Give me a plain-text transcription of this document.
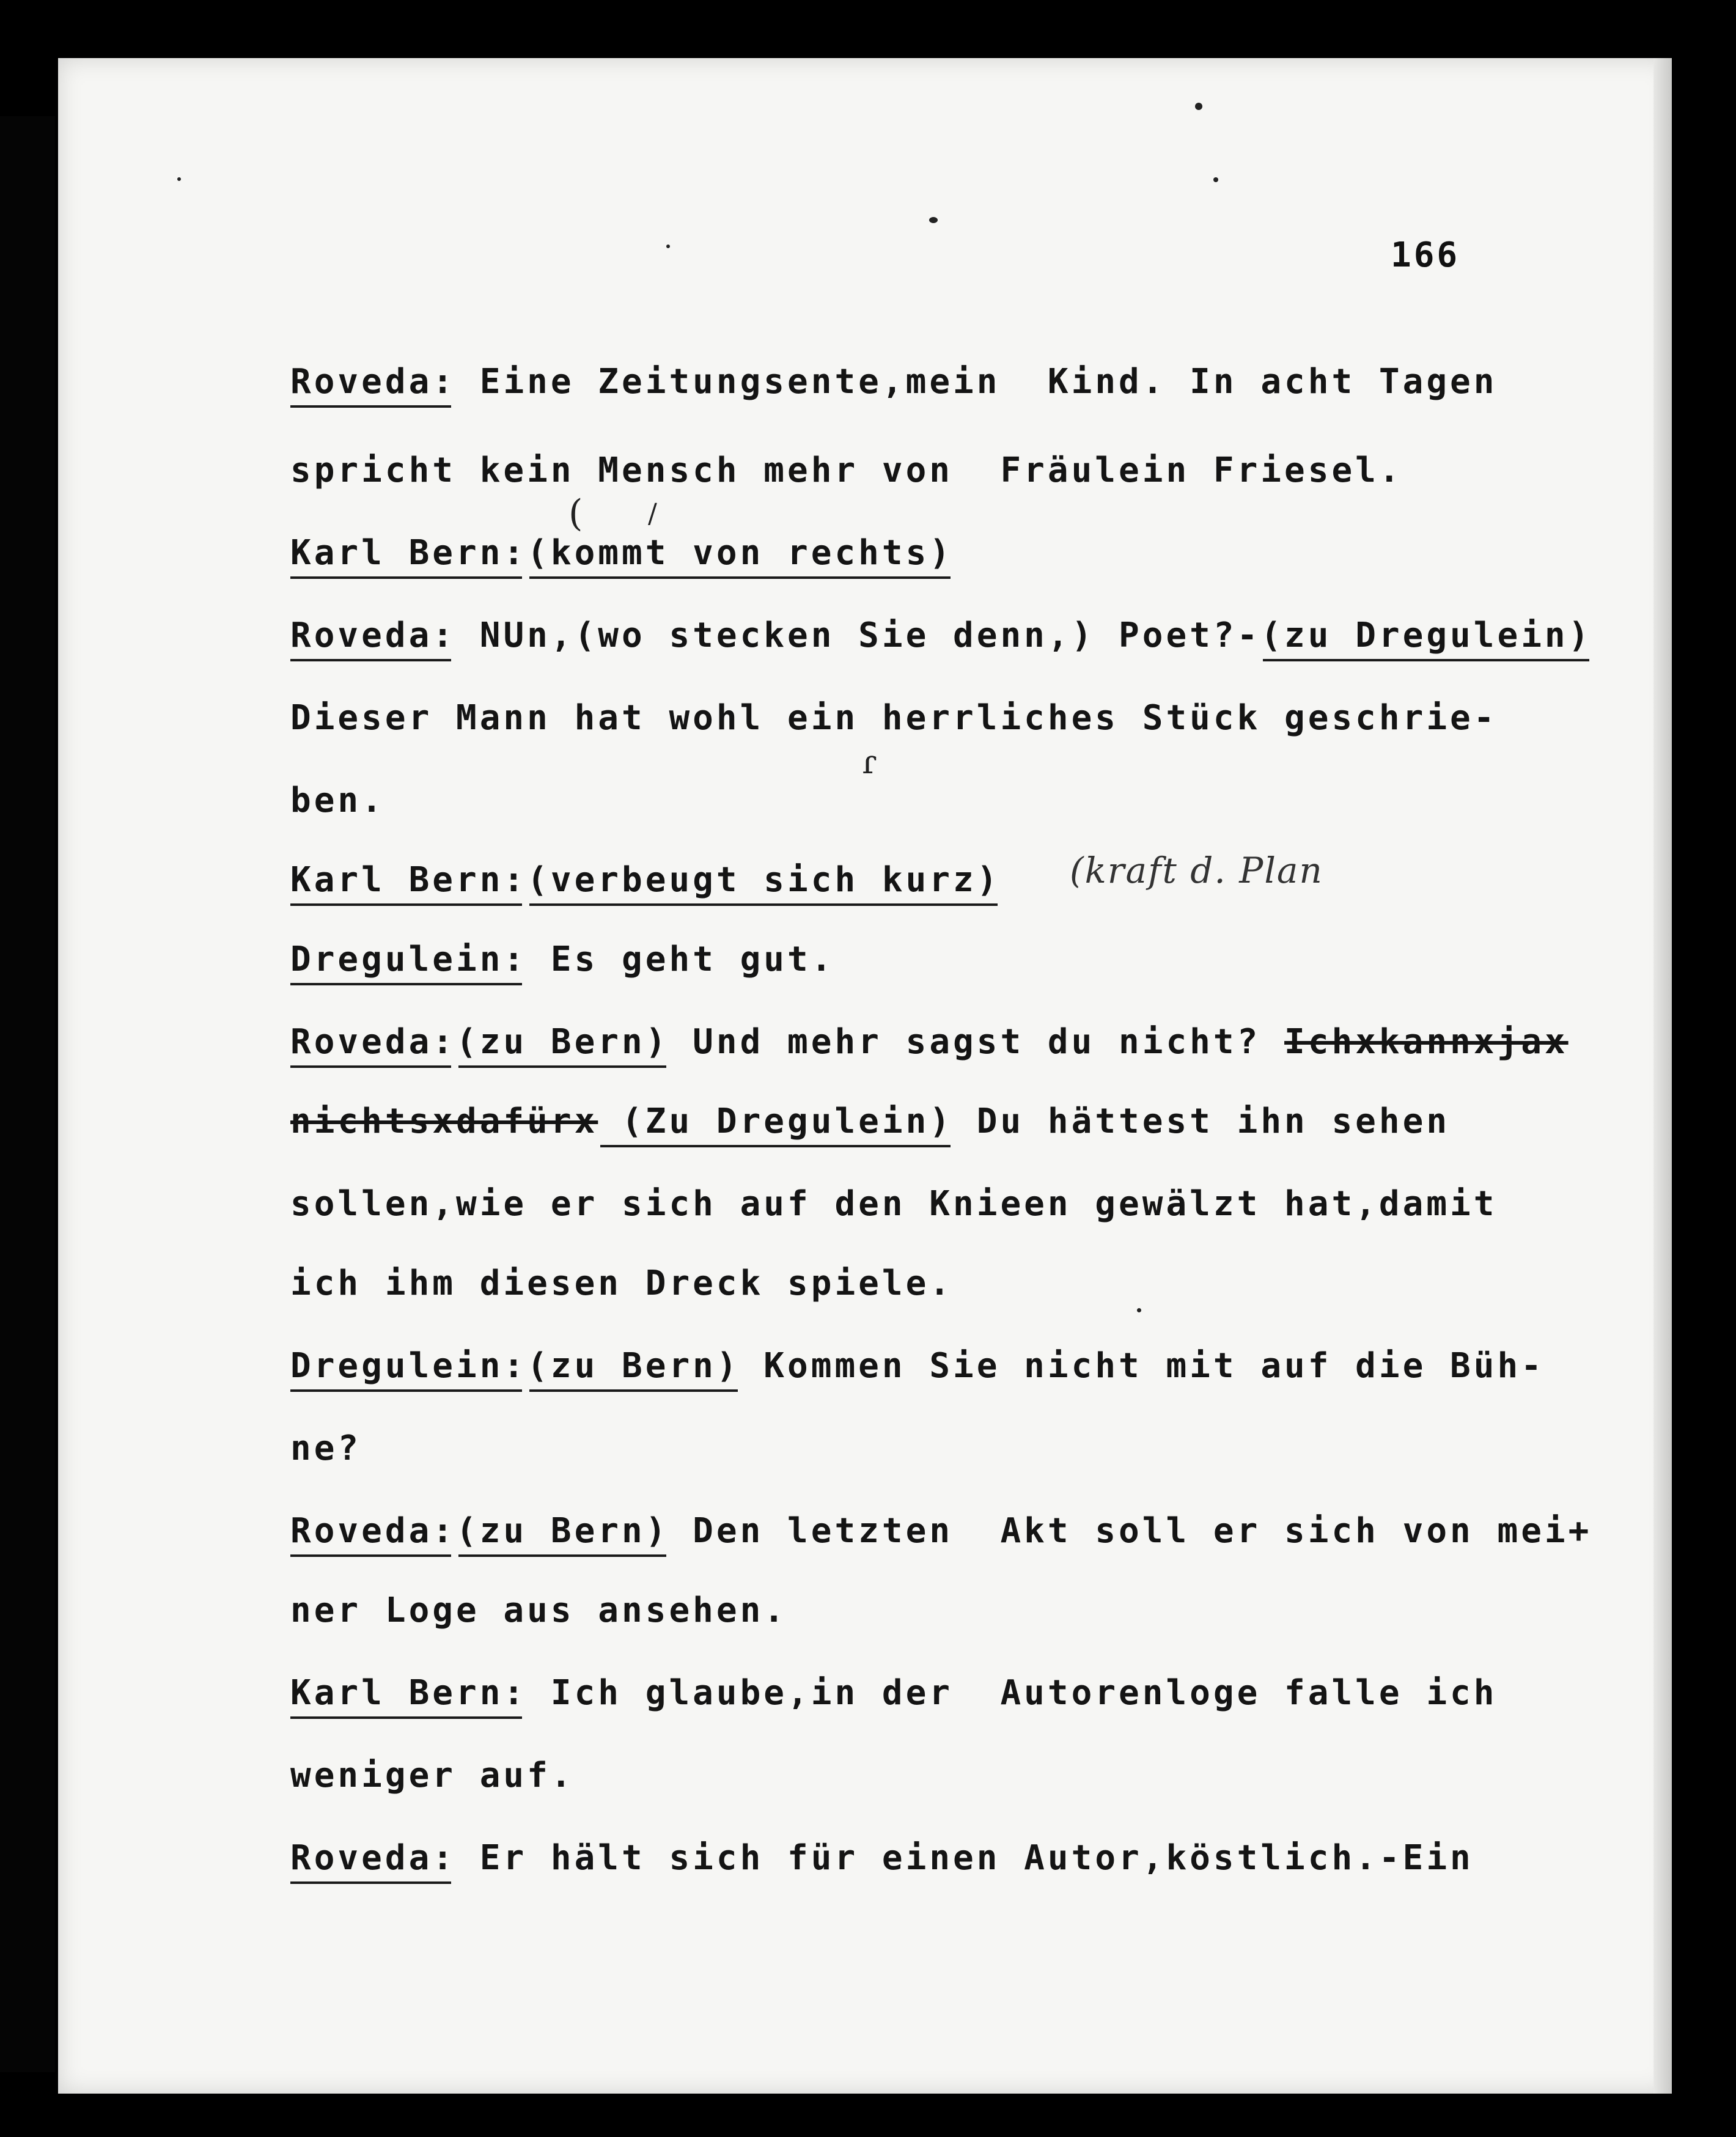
166
Roveda: Eine Zeitungsente,mein  Kind. In acht Tagen
spricht kein Mensch mehr von  Fräulein Friesel.
Karl Bern:(kommt von rechts)
Roveda: NUn,(wo stecken Sie denn,) Poet?-(zu Dregulein)
Dieser Mann hat wohl ein herrliches Stück geschrie-
ben.
Karl Bern:(verbeugt sich kurz)
Dregulein: Es geht gut.
Roveda:(zu Bern) Und mehr sagst du nicht? Ichxkannxjax
nichtsxdafürx (Zu Dregulein) Du hättest ihn sehen
sollen,wie er sich auf den Knieen gewälzt hat,damit
ich ihm diesen Dreck spiele.
Dregulein:(zu Bern) Kommen Sie nicht mit auf die Büh-
ne?
Roveda:(zu Bern) Den letzten  Akt soll er sich von mei+
ner Loge aus ansehen.
Karl Bern: Ich glaube,in der  Autorenloge falle ich
weniger auf.
Roveda: Er hält sich für einen Autor,köstlich.-Ein
(kraft d. Plan
(
ɾ
/
